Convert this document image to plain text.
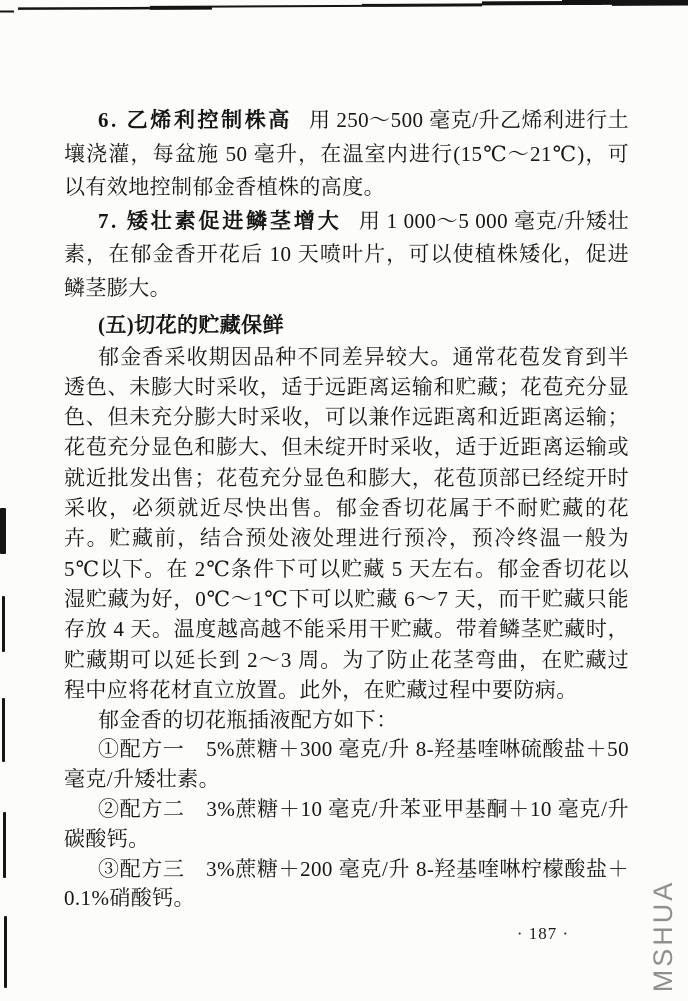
6. 乙烯利控制株高 用 250～500 毫克/升乙烯利进行土壤浇灌，每盆施 50 毫升，在温室内进行(15℃～21℃)，可以有效地控制郁金香植株的高度。

7. 矮壮素促进鳞茎增大 用 1 000～5 000 毫克/升矮壮素，在郁金香开花后 10 天喷叶片，可以使植株矮化，促进鳞茎膨大。

(五)切花的贮藏保鲜

郁金香采收期因品种不同差异较大。通常花苞发育到半透色、未膨大时采收，适于远距离运输和贮藏；花苞充分显色、但未充分膨大时采收，可以兼作远距离和近距离运输；花苞充分显色和膨大、但未绽开时采收，适于近距离运输或就近批发出售；花苞充分显色和膨大，花苞顶部已经绽开时采收，必须就近尽快出售。郁金香切花属于不耐贮藏的花卉。贮藏前，结合预处液处理进行预冷，预冷终温一般为 5℃以下。在 2℃条件下可以贮藏 5 天左右。郁金香切花以湿贮藏为好，0℃～1℃下可以贮藏 6～7 天，而干贮藏只能存放 4 天。温度越高越不能采用干贮藏。带着鳞茎贮藏时，贮藏期可以延长到 2～3 周。为了防止花茎弯曲，在贮藏过程中应将花材直立放置。此外，在贮藏过程中要防病。

郁金香的切花瓶插液配方如下：

①配方一　5%蔗糖＋300 毫克/升 8-羟基喹啉硫酸盐＋50 毫克/升矮壮素。

②配方二　3%蔗糖＋10 毫克/升苯亚甲基酮＋10 毫克/升碳酸钙。

③配方三　3%蔗糖＋200 毫克/升 8-羟基喹啉柠檬酸盐＋0.1%硝酸钙。

· 187 ·	MSHUA
